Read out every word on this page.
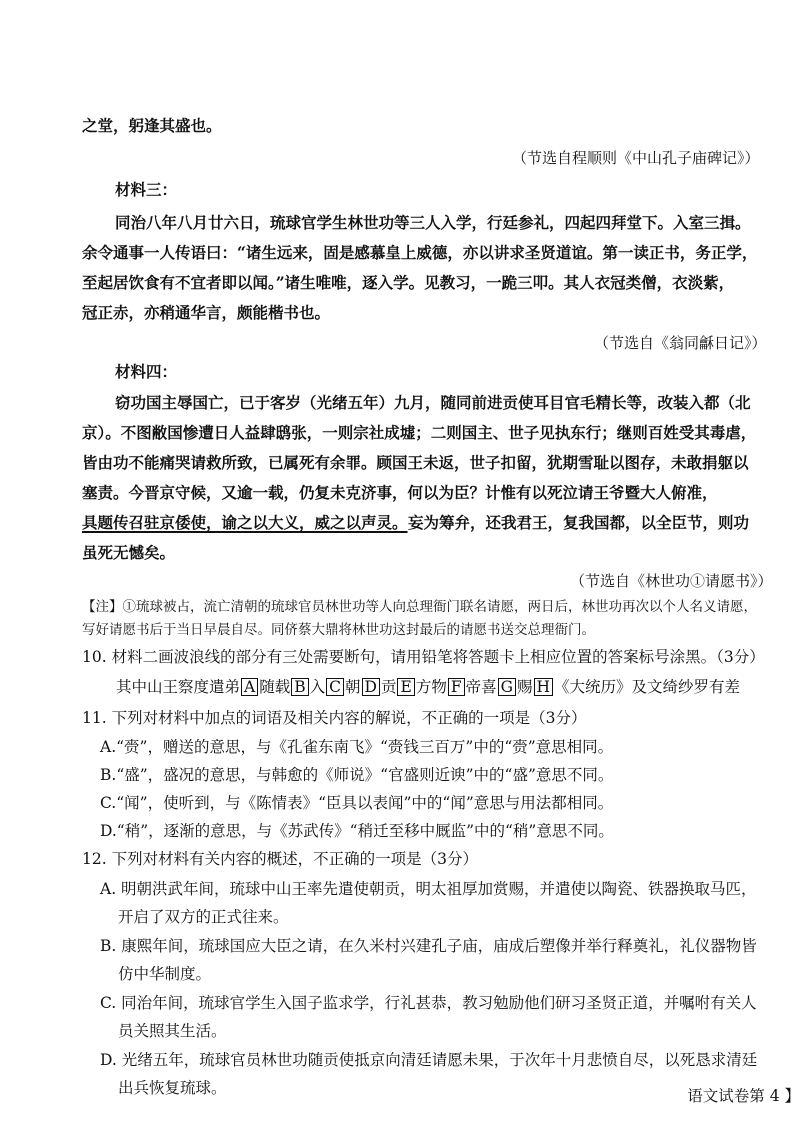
之堂，躬逢其盛也。
（节选自程顺则《中山孔子庙碑记》）
材料三：
同治八年八月廿六日，琉球官学生林世功等三人入学，行廷参礼，四起四拜堂下。入室三揖。
余令通事一人传语曰：“诸生远来，固是感慕皇上威德，亦以讲求圣贤道谊。第一读正书，务正学，
至起居饮食有不宜者即以闻。”诸生唯唯，逐入学。见教习，一跪三叩。其人衣冠类僧，衣淡紫，
冠正赤，亦稍通华言，颇能楷书也。
（节选自《翁同龢日记》）
材料四：
窃功国主辱国亡，已于客岁（光绪五年）九月，随同前进贡使耳目官毛精长等，改装入都（北
京）。不图敝国惨遭日人益肆鸱张，一则宗社成墟；二则国主、世子见执东行；继则百姓受其毒虐，
皆由功不能痛哭请救所致，已属死有余罪。顾国王未返，世子扣留，犹期雪耻以图存，未敢捐躯以
塞责。今晋京守候，又逾一载，仍复未克济事，何以为臣？计惟有以死泣请王爷暨大人俯准，
具题传召驻京倭使，谕之以大义，威之以声灵。 妄为筹弁，还我君王，复我国都，以全臣节，则功
虽死无憾矣。
（节选自《林世功①请愿书》）
【注】①琉球被占，流亡清朝的琉球官员林世功等人向总理衙门联名请愿，两日后，林世功再次以个人名义请愿，
写好请愿书后于当日早晨自尽。同侪蔡大鼎将林世功这封最后的请愿书送交总理衙门。
10. 材料二画波浪线的部分有三处需要断句，请用铅笔将答题卡上相应位置的答案标号涂黑。（3分）
11. 下列对材料中加点的词语及相关内容的解说，不正确的一项是（3分）
A.“赍”，赠送的意思，与《孔雀东南飞》“赍钱三百万”中的“赍”意思相同。
B.“盛”，盛况的意思，与韩愈的《师说》“官盛则近谀”中的“盛”意思不同。
C.“闻”，使听到，与《陈情表》“臣具以表闻”中的“闻”意思与用法都相同。
D.“稍”，逐渐的意思，与《苏武传》“稍迁至移中厩监”中的“稍”意思不同。
12. 下列对材料有关内容的概述，不正确的一项是（3分）
A. 明朝洪武年间，琉球中山王率先遣使朝贡，明太祖厚加赏赐，并遣使以陶瓷、铁器换取马匹，
开启了双方的正式往来。
B. 康熙年间，琉球国应大臣之请，在久米村兴建孔子庙，庙成后塑像并举行释奠礼，礼仪器物皆
仿中华制度。
C. 同治年间，琉球官学生入国子监求学，行礼甚恭，教习勉励他们研习圣贤正道，并嘱咐有关人
员关照其生活。
D. 光绪五年，琉球官员林世功随贡使抵京向清廷请愿未果，于次年十月悲愤自尽，以死恳求清廷
出兵恢复琉球。
其中山王察度遣弟 A 随载 B 入 C 朝 D 贡 E 方物 F 帝喜 G 赐 H 《大统历》及文绮纱罗有差
语文试卷第 4 】
